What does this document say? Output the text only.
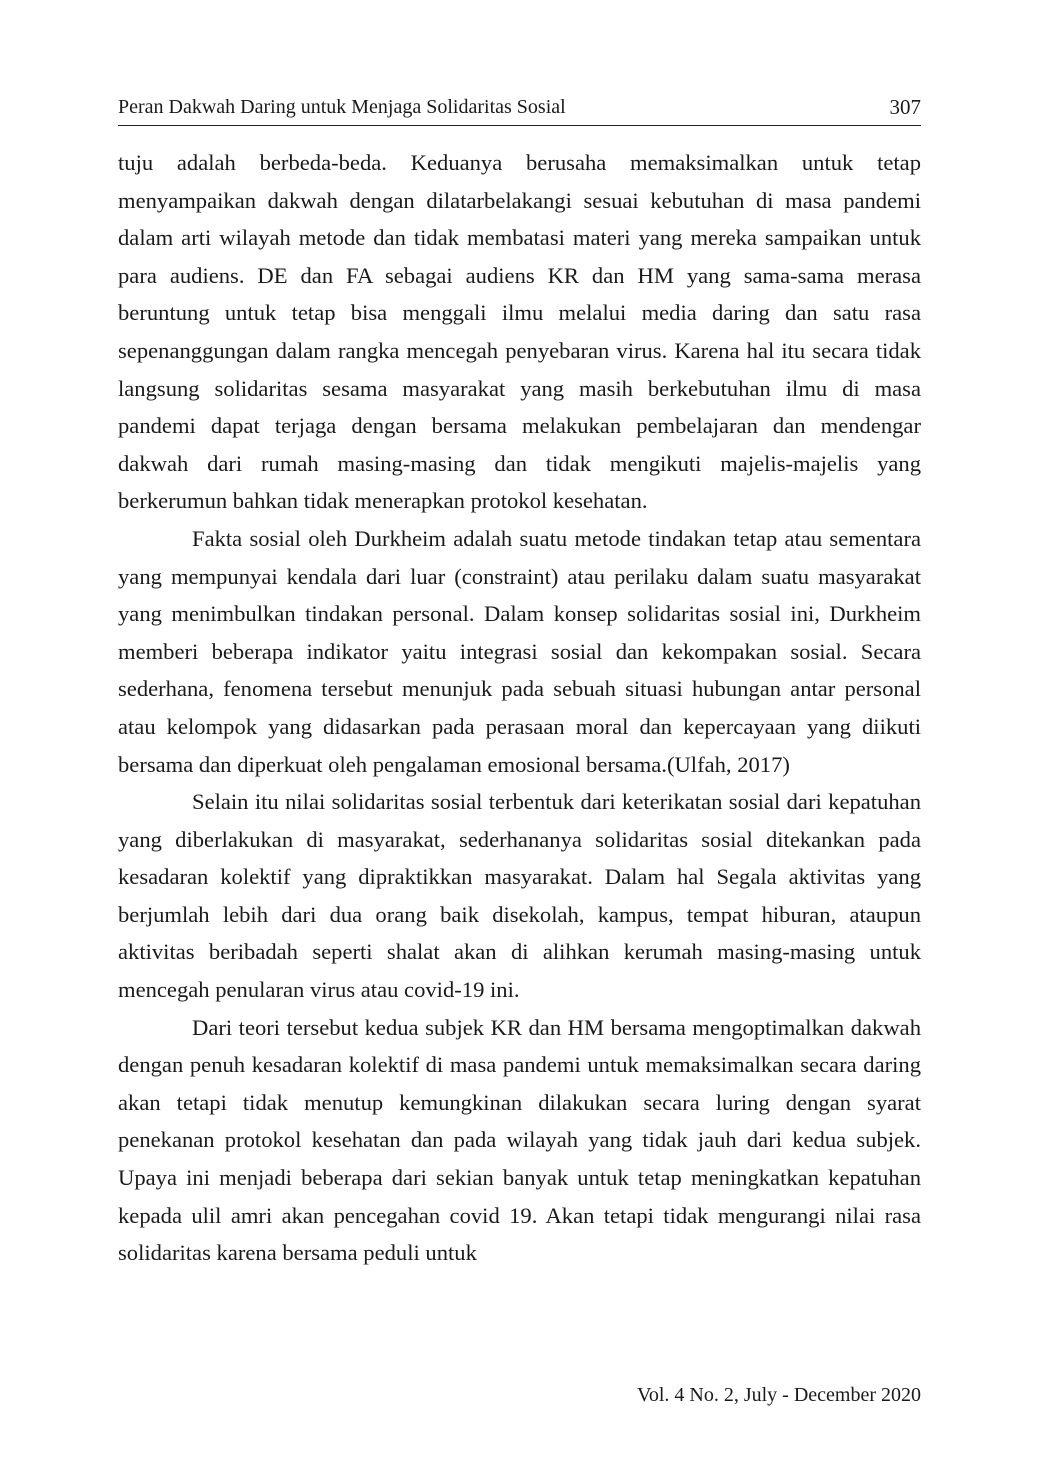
Peran Dakwah Daring untuk Menjaga Solidaritas Sosial	307

tuju adalah berbeda-beda. Keduanya berusaha memaksimalkan untuk tetap menyampaikan dakwah dengan dilatarbelakangi sesuai kebutuhan di masa pandemi dalam arti wilayah metode dan tidak membatasi materi yang mereka sampaikan untuk para audiens. DE dan FA sebagai audiens KR dan HM yang sama-sama merasa beruntung untuk tetap bisa menggali ilmu melalui media daring dan satu rasa sepenanggungan dalam rangka mencegah penyebaran virus. Karena hal itu secara tidak langsung solidaritas sesama masyarakat yang masih berkebutuhan ilmu di masa pandemi dapat terjaga dengan bersama melakukan pembelajaran dan mendengar dakwah dari rumah masing-masing dan tidak mengikuti majelis-majelis yang berkerumun bahkan tidak menerapkan protokol kesehatan.

Fakta sosial oleh Durkheim adalah suatu metode tindakan tetap atau sementara yang mempunyai kendala dari luar (constraint) atau perilaku dalam suatu masyarakat yang menimbulkan tindakan personal. Dalam konsep solidaritas sosial ini, Durkheim memberi beberapa indikator yaitu integrasi sosial dan kekompakan sosial. Secara sederhana, fenomena tersebut menunjuk pada sebuah situasi hubungan antar personal atau kelompok yang didasarkan pada perasaan moral dan kepercayaan yang diikuti bersama dan diperkuat oleh pengalaman emosional bersama.(Ulfah, 2017)

Selain itu nilai solidaritas sosial terbentuk dari keterikatan sosial dari kepatuhan yang diberlakukan di masyarakat, sederhananya solidaritas sosial ditekankan pada kesadaran kolektif yang dipraktikkan masyarakat. Dalam hal Segala aktivitas yang berjumlah lebih dari dua orang baik disekolah, kampus, tempat hiburan, ataupun aktivitas beribadah seperti shalat akan di alihkan kerumah masing-masing untuk mencegah penularan virus atau covid-19 ini.

Dari teori tersebut kedua subjek KR dan HM bersama mengoptimalkan dakwah dengan penuh kesadaran kolektif di masa pandemi untuk memaksimalkan secara daring akan tetapi tidak menutup kemungkinan dilakukan secara luring dengan syarat penekanan protokol kesehatan dan pada wilayah yang tidak jauh dari kedua subjek. Upaya ini menjadi beberapa dari sekian banyak untuk tetap meningkatkan kepatuhan kepada ulil amri akan pencegahan covid 19. Akan tetapi tidak mengurangi nilai rasa solidaritas karena bersama peduli untuk

Vol. 4 No. 2, July - December 2020
